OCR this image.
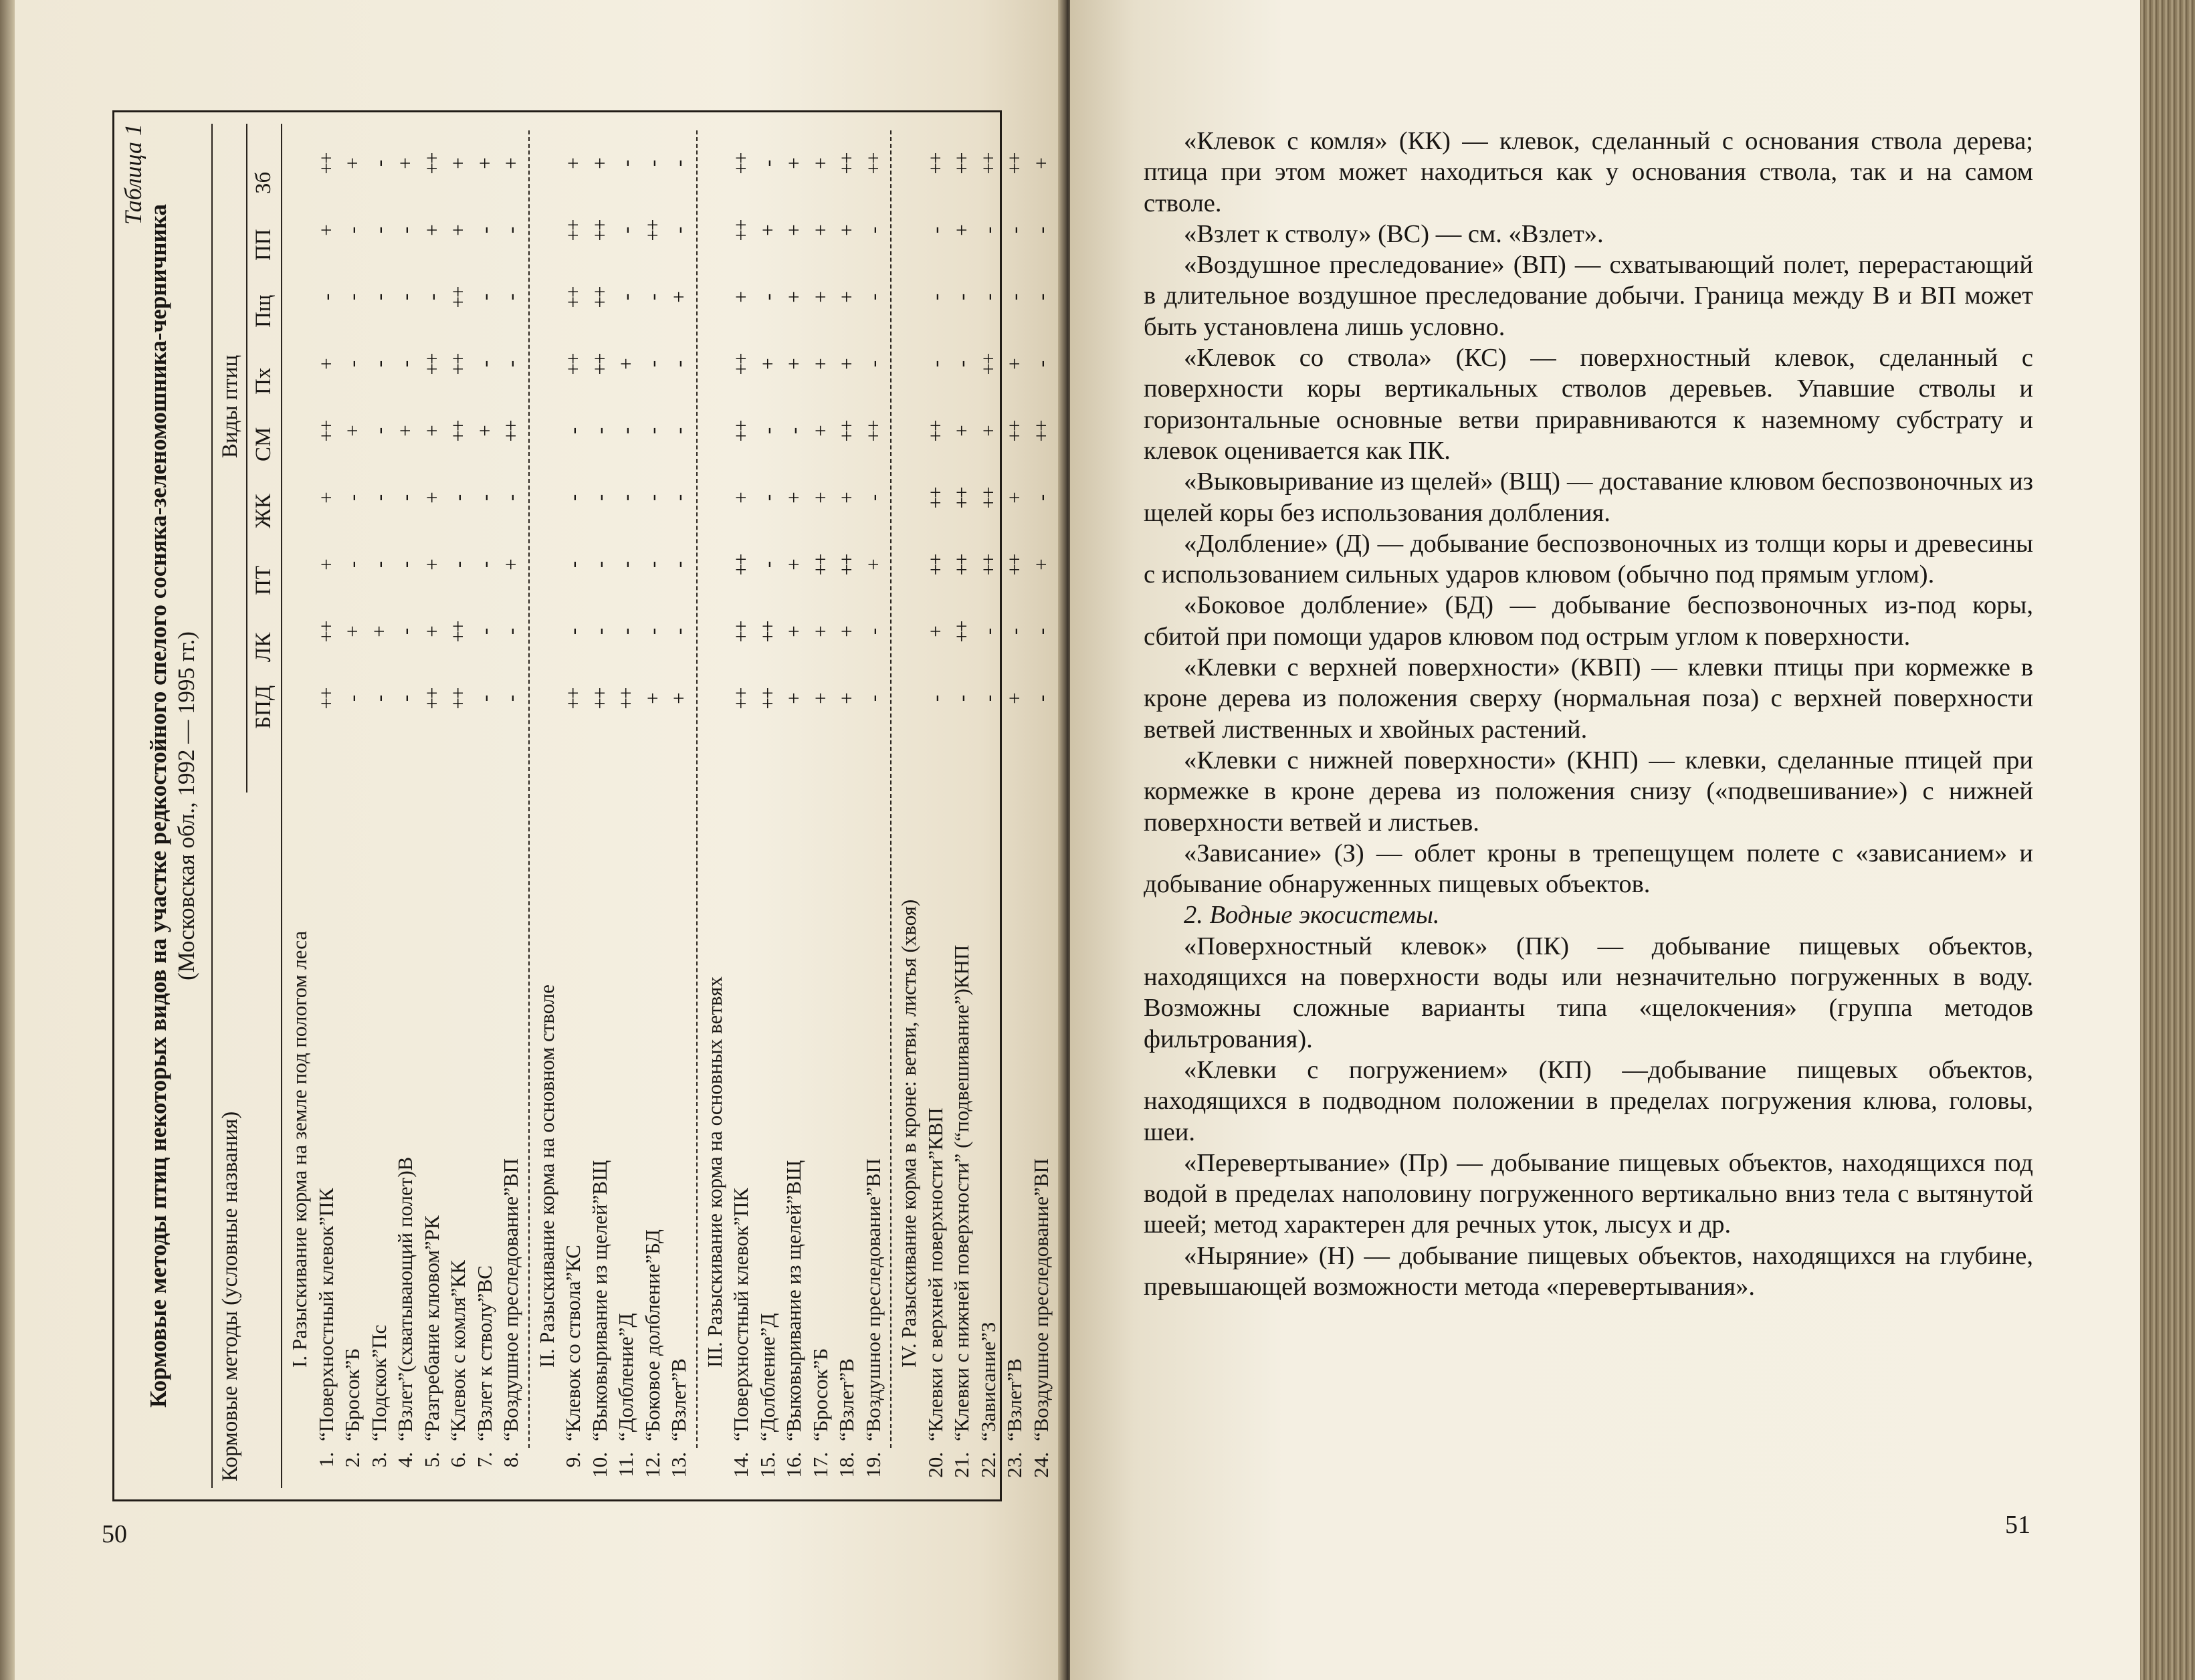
Таблица 1
Кормовые методы птиц некоторых видов на участке редкостойного спелого сосняка-зеленомошника-черничника (Московская обл., 1992 — 1995 гг.)
Кормовые методы (условные названия)
Виды птиц
БПД
ЛК
ПТ
ЖК
СМ
Пх
Пщ
ПП
Зб
I. Разыскивание корма на земле под пологом леса
1.
“Поверхностный клевок”ПК
++
++
+
+
++
+
-
+
++
2.
“Бросок”Б
-
+
-
-
+
-
-
-
+
3.
“Подскок”Пс
-
+
-
-
-
-
-
-
-
4.
“Взлет”(схватывающий полет)В
-
-
-
-
+
-
-
-
+
5.
“Разгребание клювом”РК
++
+
+
+
+
++
-
+
++
6.
“Клевок с комля”КК
++
++
-
-
++
++
++
+
+
7.
“Взлет к стволу”ВС
-
-
-
-
+
-
-
-
+
8.
“Воздушное преследование”ВП
-
-
+
-
++
-
-
-
+
II. Разыскивание корма на основном стволе
9.
“Клевок со ствола”КС
++
-
-
-
-
++
++
++
+
10.
“Выковыривание из щелей”ВЩ
++
-
-
-
-
++
++
++
+
11.
“Долбление”Д
++
-
-
-
-
+
-
-
-
12.
“Боковое долбление”БД
+
-
-
-
-
-
-
++
-
13.
“Взлет”В
+
-
-
-
-
-
+
-
-
III. Разыскивание корма на основных ветвях
14.
“Поверхностный клевок”ПК
++
++
++
+
++
++
+
++
++
15.
“Долбление”Д
++
++
-
-
-
+
-
+
-
16.
“Выковыривание из щелей”ВЩ
+
+
+
+
-
+
+
+
+
17.
“Бросок”Б
+
+
++
+
+
+
+
+
+
18.
“Взлет”В
+
+
++
+
++
+
+
+
++
19.
“Воздушное преследование”ВП
-
-
+
-
++
-
-
-
++
IV. Разыскивание корма в кроне: ветви, листья (хвоя)
20.
“Клевки с верхней поверхности”КВП
-
+
++
++
++
-
-
-
++
21.
“Клевки с нижней поверхности” (“подвешивание”)КНП
-
++
++
++
+
-
-
+
++
22.
“Зависание”З
-
-
++
++
+
++
-
-
++
23.
“Взлет”В
+
-
++
+
++
+
-
-
++
24.
“Воздушное преследование”ВП
-
-
+
-
++
-
-
-
+
50	51

«Клевок с комля» (КК) — клевок, сделанный с основания ствола дерева; птица при этом может находиться как у основания ствола, так и на самом стволе.

«Взлет к стволу» (ВС) — см. «Взлет».

«Воздушное преследование» (ВП) — схватывающий полет, перерастающий в длительное воздушное преследование добычи. Граница между В и ВП может быть установлена лишь условно.

«Клевок со ствола» (КС) — поверхностный клевок, сделанный с поверхности коры вертикальных стволов деревьев. Упавшие стволы и горизонтальные основные ветви приравниваются к наземному субстрату и клевок оценивается как ПК.

«Выковыривание из щелей» (ВЩ) — доставание клювом беспозвоночных из щелей коры без использования долбления.

«Долбление» (Д) — добывание беспозвоночных из толщи коры и древесины с использованием сильных ударов клювом (обычно под прямым углом).

«Боковое долбление» (БД) — добывание беспозвоночных из-под коры, сбитой при помощи ударов клювом под острым углом к поверхности.

«Клевки с верхней поверхности» (КВП) — клевки птицы при кормежке в кроне дерева из положения сверху (нормальная поза) с верхней поверхности ветвей лиственных и хвойных растений.

«Клевки с нижней поверхности» (КНП) — клевки, сделанные птицей при кормежке в кроне дерева из положения снизу («подвешивание») с нижней поверхности ветвей и листьев.

«Зависание» (З) — облет кроны в трепещущем полете с «зависанием» и добывание обнаруженных пищевых объектов.

2. Водные экосистемы.

«Поверхностный клевок» (ПК) — добывание пищевых объектов, находящихся на поверхности воды или незначительно погруженных в воду. Возможны сложные варианты типа «щелокчения» (группа методов фильтрования).

«Клевки с погружением» (КП) —добывание пищевых объектов, находящихся в подводном положении в пределах погружения клюва, головы, шеи.

«Перевертывание» (Пр) — добывание пищевых объектов, находящихся под водой в пределах наполовину погруженного вертикально вниз тела с вытянутой шеей; метод характерен для речных уток, лысух и др.

«Ныряние» (Н) — добывание пищевых объектов, находящихся на глубине, превышающей возможности метода «перевертывания».
